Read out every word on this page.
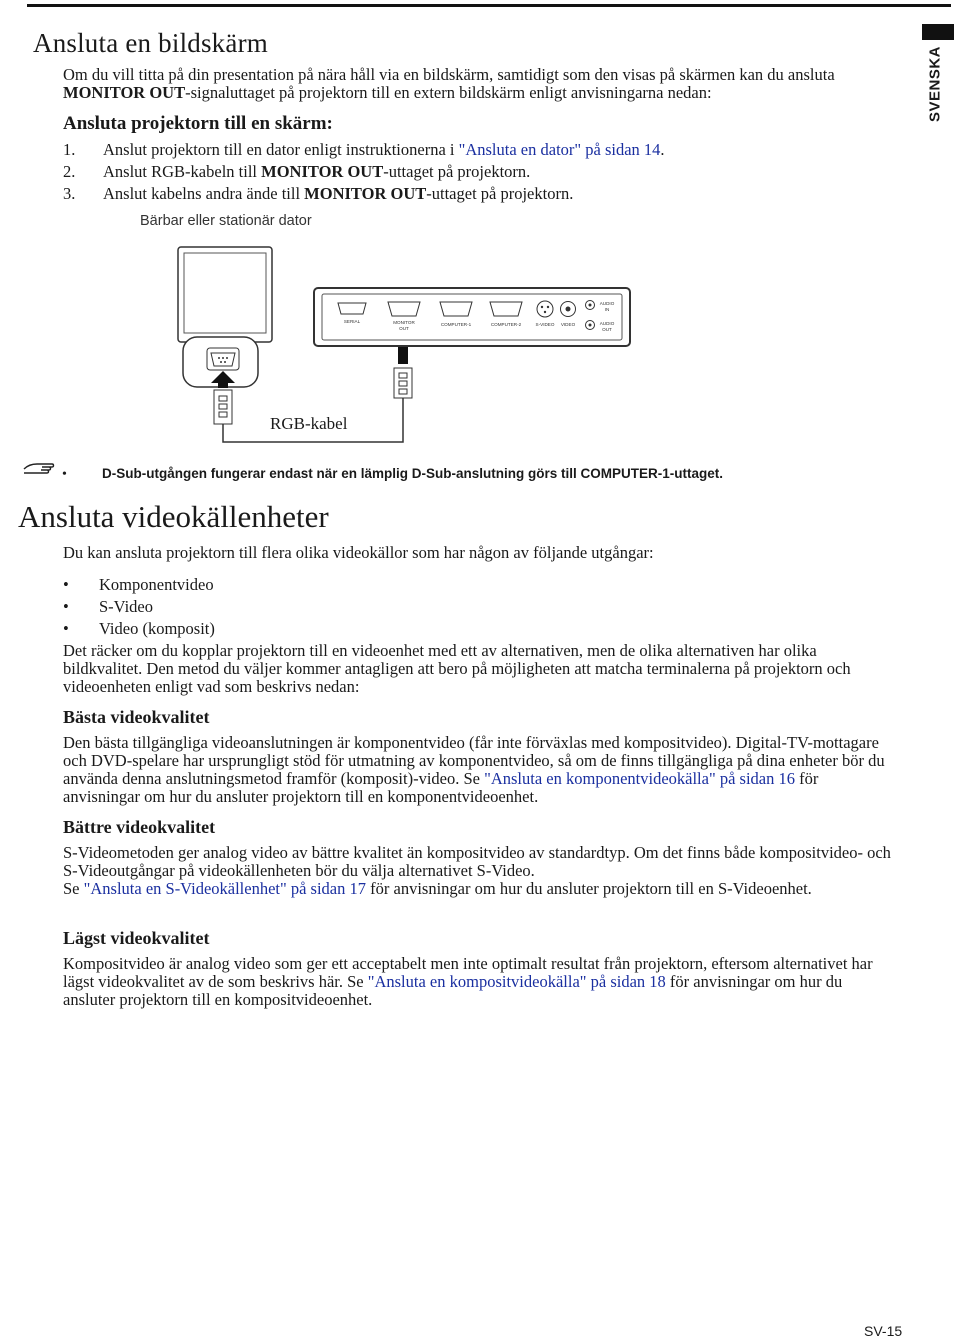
SVENSKA
Ansluta en bildskärm
Om du vill titta på din presentation på nära håll via en bildskärm, samtidigt som den visas på skärmen kan du ansluta MONITOR OUT-signaluttaget på projektorn till en extern bildskärm enligt anvisningarna nedan:
Ansluta projektorn till en skärm:
1.	Anslut projektorn till en dator enligt instruktionerna i "Ansluta en dator" på sidan 14.
2.	Anslut RGB-kabeln till MONITOR OUT-uttaget på projektorn.
3.	Anslut kabelns andra ände till MONITOR OUT-uttaget på projektorn.
Bärbar eller stationär dator
SERIAL	MONITOR
OUT
COMPUTER-1	COMPUTER-2	S-VIDEO VIDEO
AUDIO
IN
AUDIO
OUT
RGB-kabel
•	D-Sub-utgången fungerar endast när en lämplig D-Sub-anslutning görs till COMPUTER-1-uttaget.
Ansluta videokällenheter
Du kan ansluta projektorn till flera olika videokällor som har någon av följande utgångar:
•	Komponentvideo
•	S-Video
•	Video (komposit)
Det räcker om du kopplar projektorn till en videoenhet med ett av alternativen, men de olika alternativen har olika bildkvalitet. Den metod du väljer kommer antagligen att bero på möjligheten att matcha terminalerna på projektorn och videoenheten enligt vad som beskrivs nedan:
Bästa videokvalitet
Den bästa tillgängliga videoanslutningen är komponentvideo (får inte förväxlas med kompositvideo). Digital-TV-mottagare och DVD-spelare har ursprungligt stöd för utmatning av komponentvideo, så om de finns tillgängliga på dina enheter bör du använda denna anslutningsmetod framför (komposit)-video. Se "Ansluta en komponentvideokälla" på sidan 16 för anvisningar om hur du ansluter projektorn till en komponentvideoenhet.
Bättre videokvalitet
S-Videometoden ger analog video av bättre kvalitet än kompositvideo av standardtyp. Om det finns både kompositvideo- och S-Videoutgångar på videokällenheten bör du välja alternativet S-Video.
Se "Ansluta en S-Videokällenhet" på sidan 17 för anvisningar om hur du ansluter projektorn till en S-Videoenhet.
Lägst videokvalitet
Kompositvideo är analog video som ger ett acceptabelt men inte optimalt resultat från projektorn, eftersom alternativet har lägst videokvalitet av de som beskrivs här. Se "Ansluta en kompositvideokälla" på sidan 18 för anvisningar om hur du ansluter projektorn till en kompositvideoenhet.
SV-15
